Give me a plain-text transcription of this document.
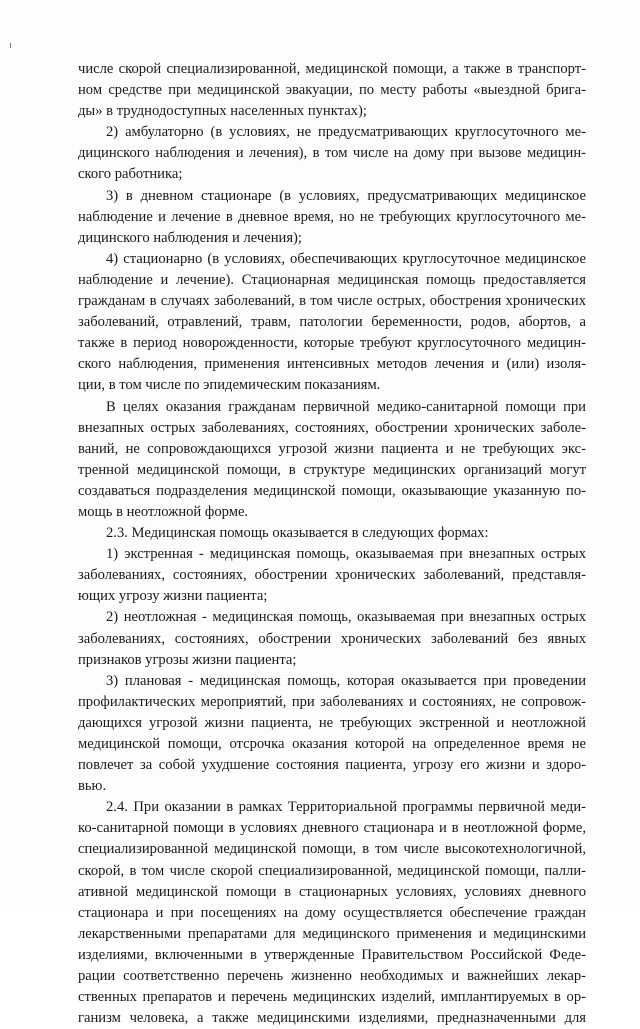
числе скорой специализированной, медицинской помощи, а также в транспорт-
ном средстве при медицинской эвакуации, по месту работы «выездной брига-
ды» в труднодоступных населенных пунктах);
2) амбулаторно (в условиях, не предусматривающих круглосуточного ме-
дицинского наблюдения и лечения), в том числе на дому при вызове медицин-
ского работника;
3) в дневном стационаре (в условиях, предусматривающих медицинское
наблюдение и лечение в дневное время, но не требующих круглосуточного ме-
дицинского наблюдения и лечения);
4) стационарно (в условиях, обеспечивающих круглосуточное медицинское
наблюдение и лечение). Стационарная медицинская помощь предоставляется
гражданам в случаях заболеваний, в том числе острых, обострения хронических
заболеваний, отравлений, травм, патологии беременности, родов, абортов, а
также в период новорожденности, которые требуют круглосуточного медицин-
ского наблюдения, применения интенсивных методов лечения и (или) изоля-
ции, в том числе по эпидемическим показаниям.
В целях оказания гражданам первичной медико-санитарной помощи при
внезапных острых заболеваниях, состояниях, обострении хронических заболе-
ваний, не сопровождающихся угрозой жизни пациента и не требующих экс-
тренной медицинской помощи, в структуре медицинских организаций могут
создаваться подразделения медицинской помощи, оказывающие указанную по-
мощь в неотложной форме.
2.3. Медицинская помощь оказывается в следующих формах:
1) экстренная - медицинская помощь, оказываемая при внезапных острых
заболеваниях, состояниях, обострении хронических заболеваний, представля-
ющих угрозу жизни пациента;
2) неотложная - медицинская помощь, оказываемая при внезапных острых
заболеваниях, состояниях, обострении хронических заболеваний без явных
признаков угрозы жизни пациента;
3) плановая - медицинская помощь, которая оказывается при проведении
профилактических мероприятий, при заболеваниях и состояниях, не сопровож-
дающихся угрозой жизни пациента, не требующих экстренной и неотложной
медицинской помощи, отсрочка оказания которой на определенное время не
повлечет за собой ухудшение состояния пациента, угрозу его жизни и здоро-
вью.
2.4. При оказании в рамках Территориальной программы первичной меди-
ко-санитарной помощи в условиях дневного стационара и в неотложной форме,
специализированной медицинской помощи, в том числе высокотехнологичной,
скорой, в том числе скорой специализированной, медицинской помощи, палли-
ативной медицинской помощи в стационарных условиях, условиях дневного
стационара и при посещениях на дому осуществляется обеспечение граждан
лекарственными препаратами для медицинского применения и медицинскими
изделиями, включенными в утвержденные Правительством Российской Феде-
рации соответственно перечень жизненно необходимых и важнейших лекар-
ственных препаратов и перечень медицинских изделий, имплантируемых в ор-
ганизм человека, а также медицинскими изделиями, предназначенными для
